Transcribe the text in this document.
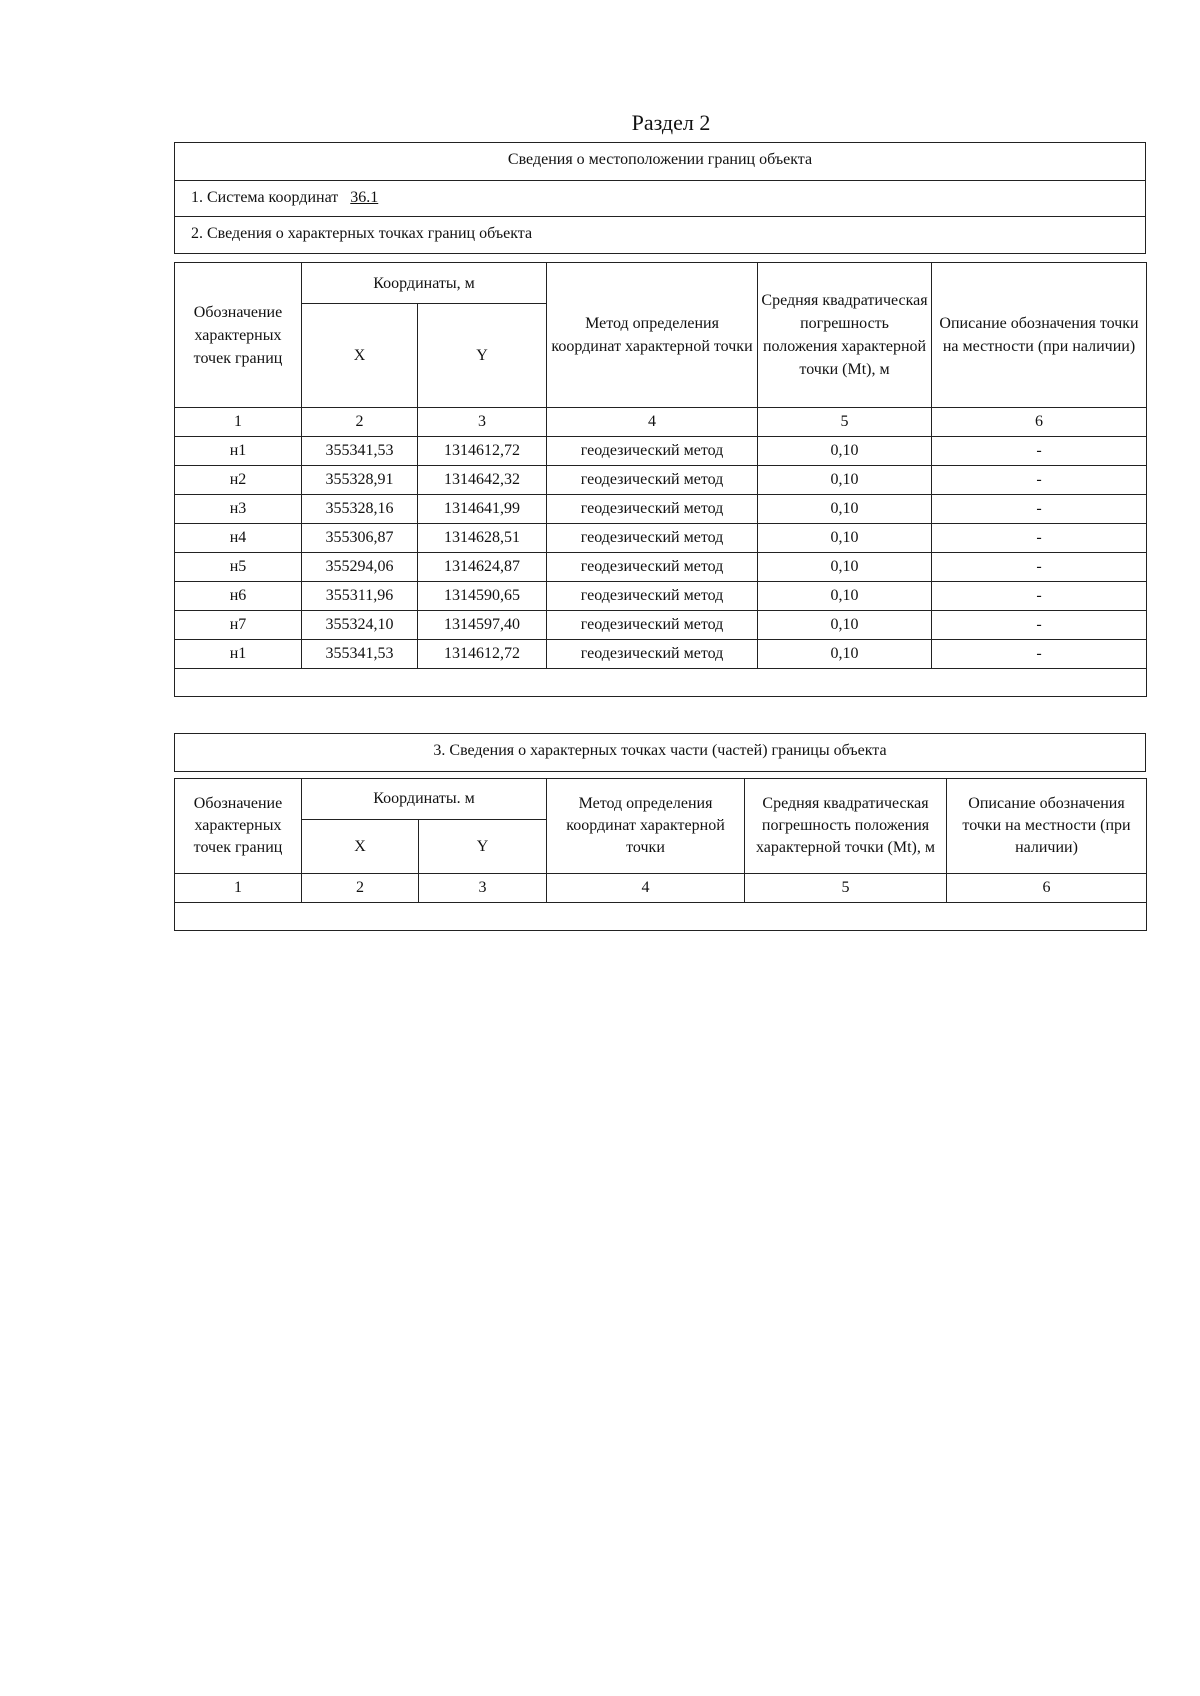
Раздел 2
Сведения о местоположении границ объекта
1. Система координат 36.1
2. Сведения о характерных точках границ объекта
Обозначение характерных точек границ	Координаты, м		Метод определения координат характерной точки	Средняя квадратическая погрешность положения характерной точки (Mt), м	Описание обозначения точки на местности (при наличии)
	X	Y			
1	2	3	4	5	6
н1	355341,53	1314612,72	геодезический метод	0,10	-
н2	355328,91	1314642,32	геодезический метод	0,10	-
н3	355328,16	1314641,99	геодезический метод	0,10	-
н4	355306,87	1314628,51	геодезический метод	0,10	-
н5	355294,06	1314624,87	геодезический метод	0,10	-
н6	355311,96	1314590,65	геодезический метод	0,10	-
н7	355324,10	1314597,40	геодезический метод	0,10	-
н1	355341,53	1314612,72	геодезический метод	0,10	-

3. Сведения о характерных точках части (частей) границы объекта
Обозначение характерных точек границ	Координаты. м		Метод определения координат характерной точки	Средняя квадратическая погрешность положения характерной точки (Mt), м	Описание обозначения точки на местности (при наличии)
	X	Y			
1	2	3	4	5	6
